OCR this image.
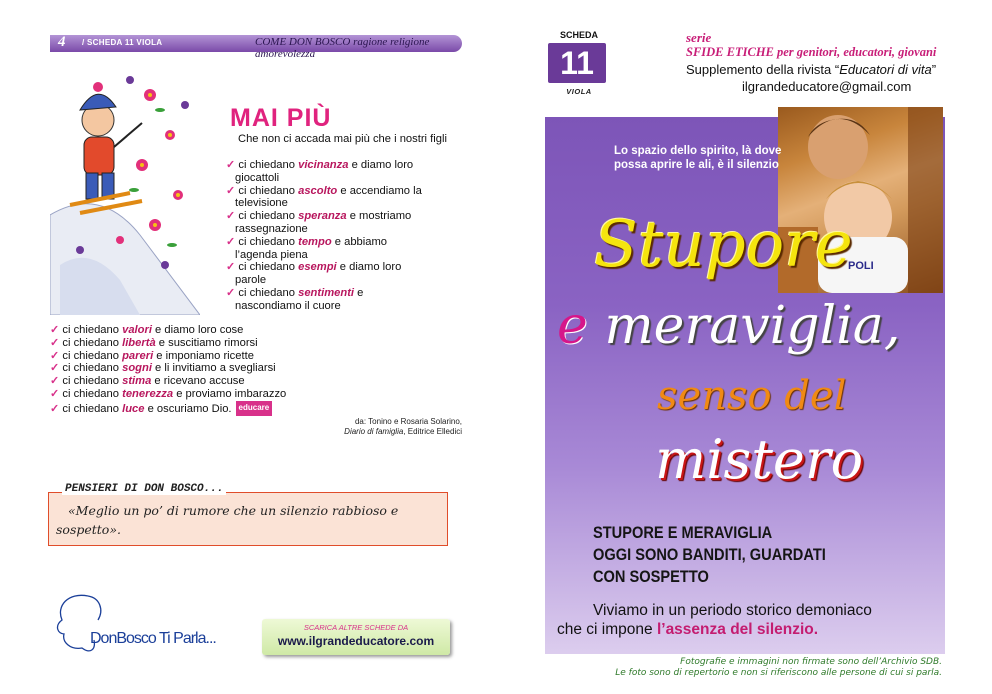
4 / SCHEDA 11 VIOLA	COME DON BOSCO ragione religione amorevolezza
MAI PIÙ
Che non ci accada mai più che i nostri figli
✓ ci chiedano vicinanza e diamo loro
giocattoli
✓ ci chiedano ascolto e accendiamo la
televisione
✓ ci chiedano speranza e mostriamo
rassegnazione
✓ ci chiedano tempo e abbiamo
l’agenda piena
✓ ci chiedano esempi e diamo loro
parole
✓ ci chiedano sentimenti e
nascondiamo il cuore
✓ ci chiedano valori e diamo loro cose
✓ ci chiedano libertà e suscitiamo rimorsi
✓ ci chiedano pareri e imponiamo ricette
✓ ci chiedano sogni e li invitiamo a svegliarsi
✓ ci chiedano stima e ricevano accuse
✓ ci chiedano tenerezza e proviamo imbarazzo
✓ ci chiedano luce e oscuriamo Dio. educare
da: Tonino e Rosaria Solarino,
Diario di famiglia, Editrice Elledici
PENSIERI DI DON BOSCO...
«Meglio un po’ di rumore che un silenzio rabbioso e sospetto».
DonBosco Ti Parla...
SCARICA ALTRE SCHEDE DA
www.ilgrandeducatore.com
SCHEDA
11
VIOLA
serie
SFIDE ETICHE per genitori, educatori, giovani
Supplemento della rivista “Educatori di vita”
ilgrandeducatore@gmail.com
POLI
Lo spazio dello spirito, là dove possa aprire le ali, è il silenzio
Stupore
e meraviglia,
senso del
mistero
STUPORE E MERAVIGLIA
OGGI SONO BANDITI, GUARDATI
CON SOSPETTO
Viviamo in un periodo storico demoniaco
che ci impone l’assenza del silenzio.
Fotografie e immagini non firmate sono dell’Archivio SDB.
Le foto sono di repertorio e non si riferiscono alle persone di cui si parla.
